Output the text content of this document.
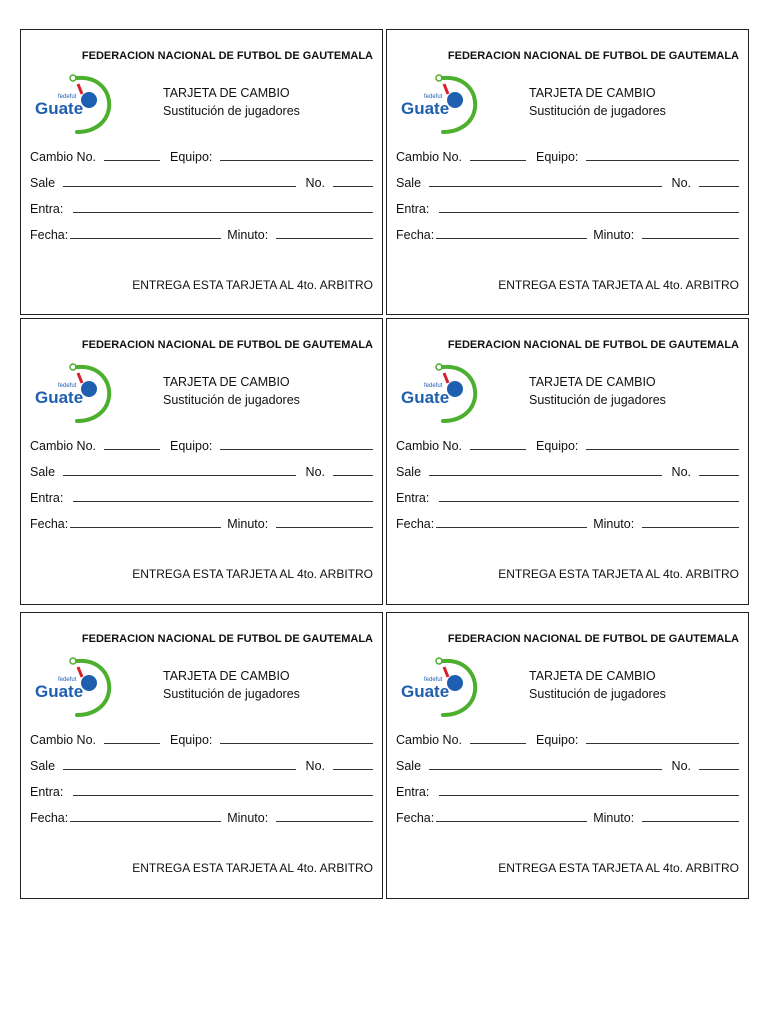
FEDERACION NACIONAL DE FUTBOL DE GAUTEMALA
fedefut
Guate
TARJETA DE CAMBIO
Sustitución de jugadores
Cambio No.	Equipo:
Sale	No.
Entra:
Fecha:	Minuto:
ENTREGA ESTA TARJETA AL 4to. ARBITRO
FEDERACION NACIONAL DE FUTBOL DE GAUTEMALA
fedefut
Guate
TARJETA DE CAMBIO
Sustitución de jugadores
Cambio No.	Equipo:
Sale	No.
Entra:
Fecha:	Minuto:
ENTREGA ESTA TARJETA AL 4to. ARBITRO
FEDERACION NACIONAL DE FUTBOL DE GAUTEMALA
fedefut
Guate
TARJETA DE CAMBIO
Sustitución de jugadores
Cambio No.	Equipo:
Sale	No.
Entra:
Fecha:	Minuto:
ENTREGA ESTA TARJETA AL 4to. ARBITRO
FEDERACION NACIONAL DE FUTBOL DE GAUTEMALA
fedefut
Guate
TARJETA DE CAMBIO
Sustitución de jugadores
Cambio No.	Equipo:
Sale	No.
Entra:
Fecha:	Minuto:
ENTREGA ESTA TARJETA AL 4to. ARBITRO
FEDERACION NACIONAL DE FUTBOL DE GAUTEMALA
fedefut
Guate
TARJETA DE CAMBIO
Sustitución de jugadores
Cambio No.	Equipo:
Sale	No.
Entra:
Fecha:	Minuto:
ENTREGA ESTA TARJETA AL 4to. ARBITRO
FEDERACION NACIONAL DE FUTBOL DE GAUTEMALA
fedefut
Guate
TARJETA DE CAMBIO
Sustitución de jugadores
Cambio No.	Equipo:
Sale	No.
Entra:
Fecha:	Minuto:
ENTREGA ESTA TARJETA AL 4to. ARBITRO
